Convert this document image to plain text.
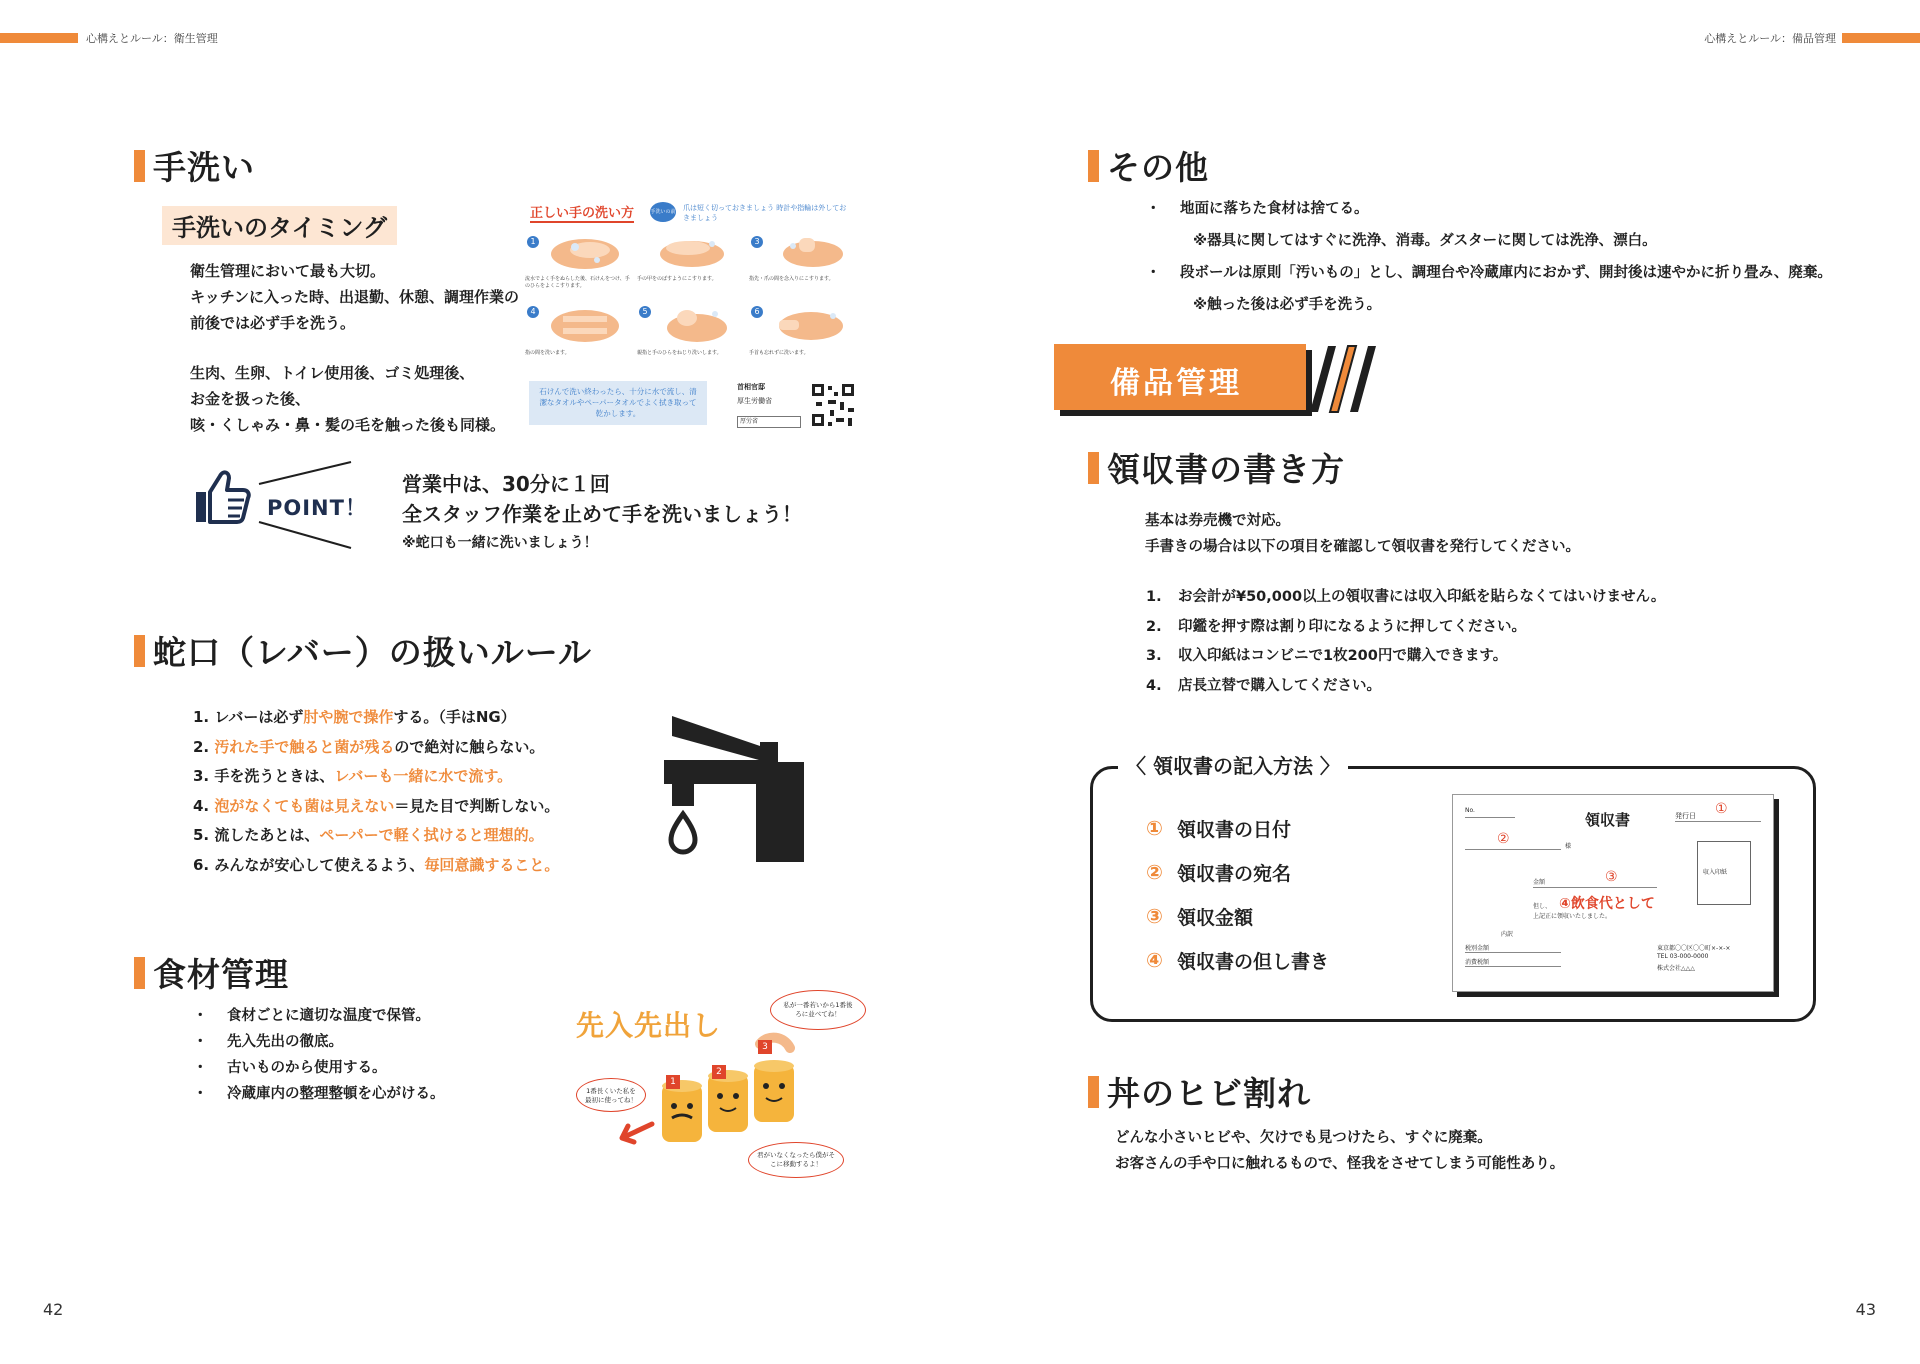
心構えとルール：衛生管理	心構えとルール：備品管理
手洗い
手洗いのタイミング
衛生管理において最も大切。
キッチンに入った時、出退勤、休憩、調理作業の
前後では必ず手を洗う。
生肉、生卵、トイレ使用後、ゴミ処理後、
お金を扱った後、
咳・くしゃみ・鼻・髪の毛を触った後も同様。
正しい手の洗い方	手洗いの前に
爪は短く切っておきましょう 時計や指輪は外しておきましょう
1
流水でよく手をぬらした後、石けんをつけ、手のひらをよくこすります。
手の甲をのばすようにこすります。
3
指先・爪の間を念入りにこすります。
4
指の間を洗います。
5
親指と手のひらをねじり洗いします。
6
手首も忘れずに洗います。
石けんで洗い終わったら、十分に水で流し、清潔なタオルやペーパータオルでよく拭き取って乾かします。
首相官邸
厚生労働省
厚労省
POINT！
営業中は、30分に１回
全スタッフ作業を止めて手を洗いましょう！
※蛇口も一緒に洗いましょう！
蛇口（レバー）の扱いルール
1. レバーは必ず肘や腕で操作する。（手はNG）
2. 汚れた手で触ると菌が残るので絶対に触らない。
3. 手を洗うときは、レバーも一緒に水で流す。
4. 泡がなくても菌は見えない＝見た目で判断しない。
5. 流したあとは、ペーパーで軽く拭けると理想的。
6. みんなが安心して使えるよう、毎回意識すること。
食材管理
・	食材ごとに適切な温度で保管。
・	先入先出の徹底。
・	古いものから使用する。
・	冷蔵庫内の整理整頓を心がける。
先入先出し
私が一番若いから1番後ろに並べてね！
1番長くいた私を最初に使ってね！
君がいなくなったら僕がそこに移動するよ！
1
2
3
42
その他
・	地面に落ちた食材は捨てる。
※器具に関してはすぐに洗浄、消毒。ダスターに関しては洗浄、漂白。
・	段ボールは原則「汚いもの」とし、調理台や冷蔵庫内におかず、開封後は速やかに折り畳み、廃棄。
※触った後は必ず手を洗う。
備品管理
領収書の書き方
基本は券売機で対応。
手書きの場合は以下の項目を確認して領収書を発行してください。
1. お会計が¥50,000以上の領収書には収入印紙を貼らなくてはいけません。
2. 印鑑を押す際は割り印になるように押してください。
3. 収入印紙はコンビニで1枚200円で購入できます。
4. 店長立替で購入してください。
〈 領収書の記入方法 〉
① 領収書の日付
② 領収書の宛名
③ 領収金額
④ 領収書の但し書き
No.
領収書	発行日 ①
②	様
金額	③
但し、 ④飲食代として
上記正に領収いたしました。
収入印紙
内訳
税別金額
消費税額
東京都〇〇区〇〇町×-×-×
TEL 03-000-0000
株式会社△△△
丼のヒビ割れ
どんな小さいヒビや、欠けでも見つけたら、すぐに廃棄。
お客さんの手や口に触れるもので、怪我をさせてしまう可能性あり。
43
